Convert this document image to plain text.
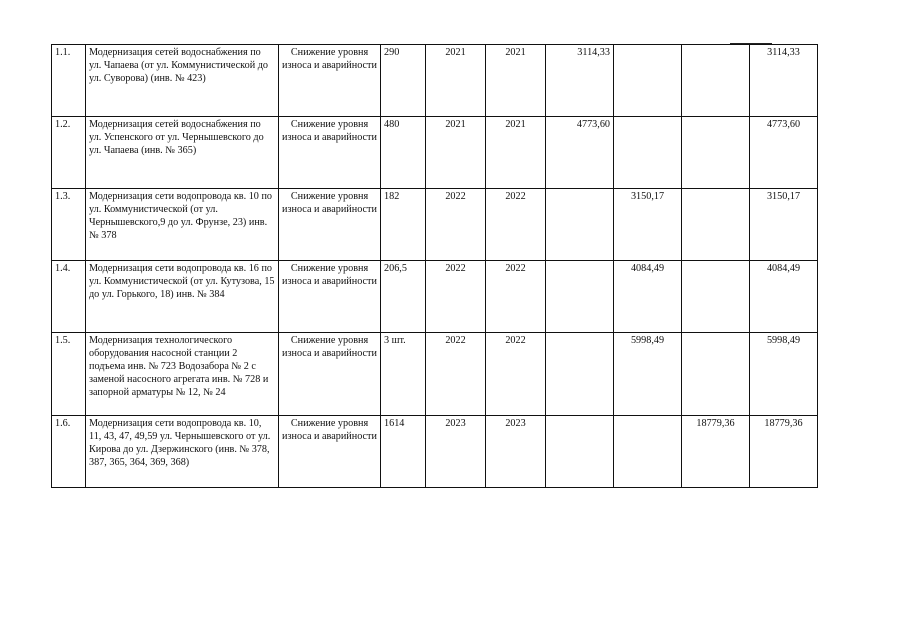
1.1.	Модернизация сетей водоснабжения по ул. Чапаева (от ул. Коммунистической до ул. Суворова) (инв. № 423)	Снижение уровня износа и аварийности	290	2021	2021	3114,33			3114,33
1.2.	Модернизация сетей водоснабжения по ул. Успенского от ул. Чернышевского до ул. Чапаева (инв. № 365)	Снижение уровня износа и аварийности	480	2021	2021	4773,60			4773,60
1.3.	Модернизация сети водопровода кв. 10 по ул. Коммунистической (от ул. Чернышевского,9 до ул. Фрунзе, 23) инв. № 378	Снижение уровня износа и аварийности	182	2022	2022		3150,17		3150,17
1.4.	Модернизация сети водопровода кв. 16 по ул. Коммунистической (от ул. Кутузова, 15 до ул. Горького, 18) инв. № 384	Снижение уровня износа и аварийности	206,5	2022	2022		4084,49		4084,49
1.5.	Модернизация технологического оборудования насосной станции 2 подъема инв. № 723 Водозабора № 2 с заменой насосного агрегата инв. № 728 и запорной арматуры № 12, № 24	Снижение уровня износа и аварийности	3 шт.	2022	2022		5998,49		5998,49
1.6.	Модернизация сети водопровода кв. 10, 11, 43, 47, 49,59 ул. Чернышевского от ул. Кирова до ул. Дзержинского (инв. № 378, 387, 365, 364, 369, 368)	Снижение уровня износа и аварийности	1614	2023	2023			18779,36	18779,36
